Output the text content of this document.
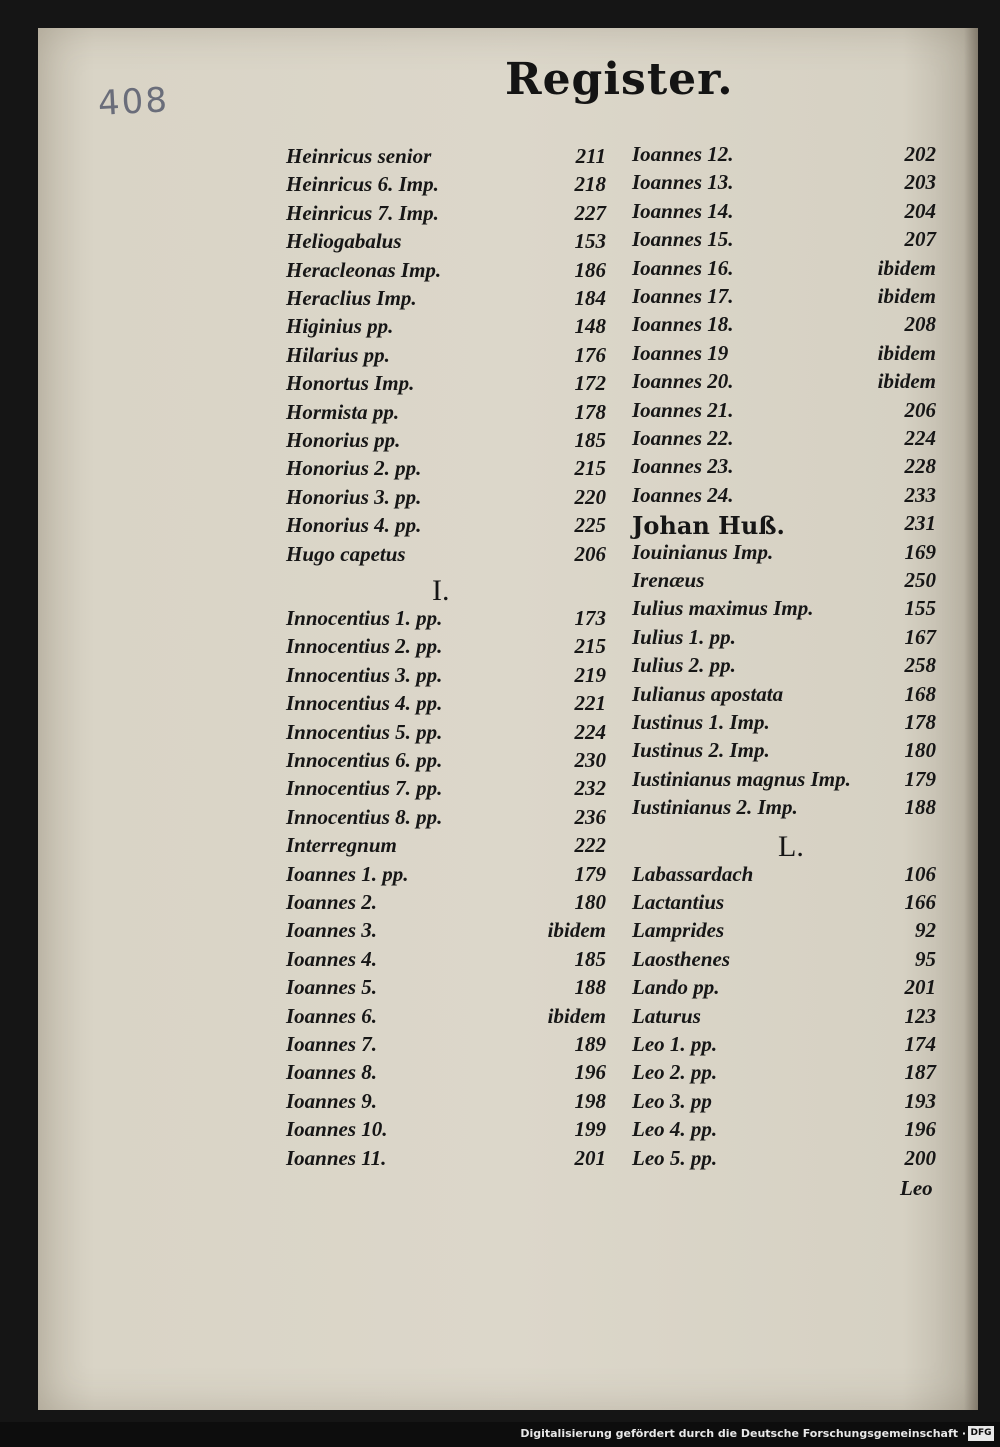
408	Register.
Heinricus senior	211
Heinricus 6. Imp.	218
Heinricus 7. Imp.	227
Heliogabalus	153
Heracleonas Imp.	186
Heraclius Imp.	184
Higinius pp.	148
Hilarius pp.	176
Honortus Imp.	172
Hormista pp.	178
Honorius pp.	185
Honorius 2. pp.	215
Honorius 3. pp.	220
Honorius 4. pp.	225
Hugo capetus	206
I.
Innocentius 1. pp.	173
Innocentius 2. pp.	215
Innocentius 3. pp.	219
Innocentius 4. pp.	221
Innocentius 5. pp.	224
Innocentius 6. pp.	230
Innocentius 7. pp.	232
Innocentius 8. pp.	236
Interregnum	222
Ioannes 1. pp.	179
Ioannes 2.	180
Ioannes 3.	ibidem
Ioannes 4.	185
Ioannes 5.	188
Ioannes 6.	ibidem
Ioannes 7.	189
Ioannes 8.	196
Ioannes 9.	198
Ioannes 10.	199
Ioannes 11.	201
Ioannes 12.	202
Ioannes 13.	203
Ioannes 14.	204
Ioannes 15.	207
Ioannes 16.	ibidem
Ioannes 17.	ibidem
Ioannes 18.	208
Ioannes 19	ibidem
Ioannes 20.	ibidem
Ioannes 21.	206
Ioannes 22.	224
Ioannes 23.	228
Ioannes 24.	233
Johan Huß.	231
Iouinianus Imp.	169
Irenæus	250
Iulius maximus Imp.	155
Iulius 1. pp.	167
Iulius 2. pp.	258
Iulianus apostata	168
Iustinus 1. Imp.	178
Iustinus 2. Imp.	180
Iustinianus magnus Imp.	179
Iustinianus 2. Imp.	188
L.
Labassardach	106
Lactantius	166
Lamprides	92
Laosthenes	95
Lando pp.	201
Laturus	123
Leo 1. pp.	174
Leo 2. pp.	187
Leo 3. pp	193
Leo 4. pp.	196
Leo 5. pp.	200
Leo
Digitalisierung gefördert durch die Deutsche Forschungsgemeinschaft · DFG
